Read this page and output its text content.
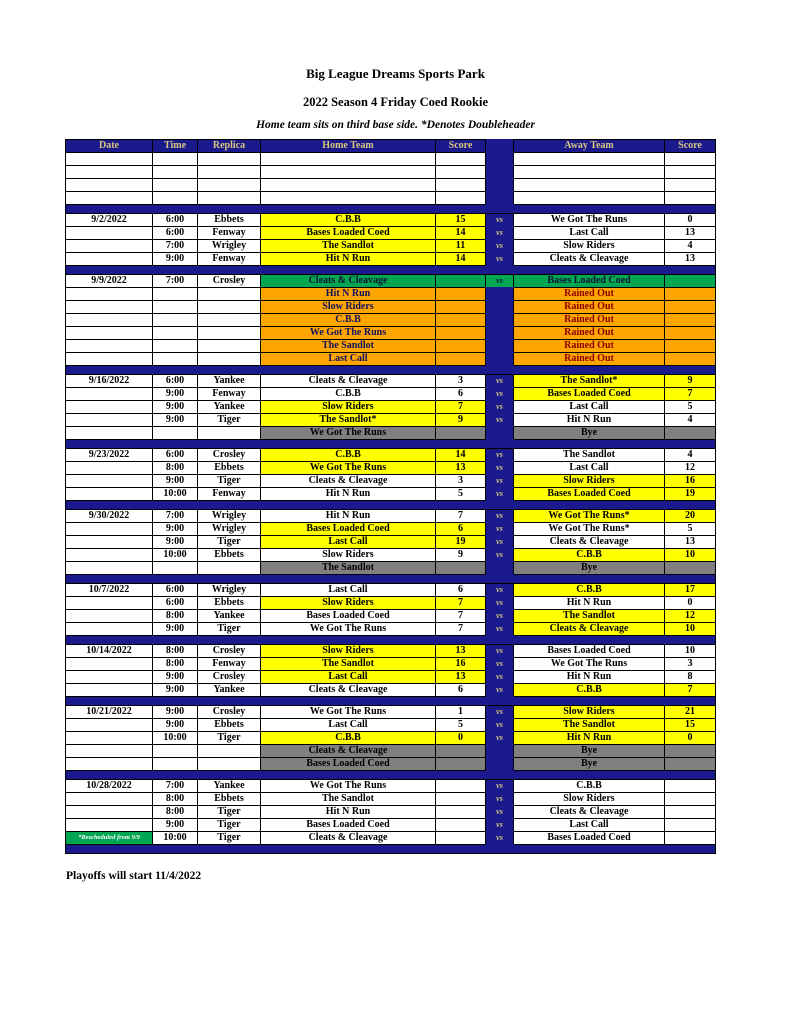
Big League Dreams Sports Park
2022 Season 4 Friday Coed Rookie
Home team sits on third base side. *Denotes Doubleheader
Date	Time	Replica	Home Team	Score		Away Team	Score

9/2/2022	6:00	Ebbets	C.B.B	15	vs	We Got The Runs	0
	6:00	Fenway	Bases Loaded Coed	14	vs	Last Call	13
	7:00	Wrigley	The Sandlot	11	vs	Slow Riders	4
	9:00	Fenway	Hit N Run	14	vs	Cleats & Cleavage	13

9/9/2022	7:00	Crosley	Cleats & Cleavage		vs	Bases Loaded Coed	
			Hit N Run			Rained Out	
			Slow Riders			Rained Out	
			C.B.B			Rained Out	
			We Got The Runs			Rained Out	
			The Sandlot			Rained Out	
			Last Call			Rained Out	

9/16/2022	6:00	Yankee	Cleats & Cleavage	3	vs	The Sandlot*	9
	9:00	Fenway	C.B.B	6	vs	Bases Loaded Coed	7
	9:00	Yankee	Slow Riders	7	vs	Last Call	5
	9:00	Tiger	The Sandlot*	9	vs	Hit N Run	4
			We Got The Runs			Bye	

9/23/2022	6:00	Crosley	C.B.B	14	vs	The Sandlot	4
	8:00	Ebbets	We Got The Runs	13	vs	Last Call	12
	9:00	Tiger	Cleats & Cleavage	3	vs	Slow Riders	16
	10:00	Fenway	Hit N Run	5	vs	Bases Loaded Coed	19

9/30/2022	7:00	Wrigley	Hit N Run	7	vs	We Got The Runs*	20
	9:00	Wrigley	Bases Loaded Coed	6	vs	We Got The Runs*	5
	9:00	Tiger	Last Call	19	vs	Cleats & Cleavage	13
	10:00	Ebbets	Slow Riders	9	vs	C.B.B	10
			The Sandlot			Bye	

10/7/2022	6:00	Wrigley	Last Call	6	vs	C.B.B	17
	6:00	Ebbets	Slow Riders	7	vs	Hit N Run	0
	8:00	Yankee	Bases Loaded Coed	7	vs	The Sandlot	12
	9:00	Tiger	We Got The Runs	7	vs	Cleats & Cleavage	10

10/14/2022	8:00	Crosley	Slow Riders	13	vs	Bases Loaded Coed	10
	8:00	Fenway	The Sandlot	16	vs	We Got The Runs	3
	9:00	Crosley	Last Call	13	vs	Hit N Run	8
	9:00	Yankee	Cleats & Cleavage	6	vs	C.B.B	7

10/21/2022	9:00	Crosley	We Got The Runs	1	vs	Slow Riders	21
	9:00	Ebbets	Last Call	5	vs	The Sandlot	15
	10:00	Tiger	C.B.B	0	vs	Hit N Run	0
			Cleats & Cleavage			Bye	
			Bases Loaded Coed			Bye	

10/28/2022	7:00	Yankee	We Got The Runs		vs	C.B.B	
	8:00	Ebbets	The Sandlot		vs	Slow Riders	
	8:00	Tiger	Hit N Run		vs	Cleats & Cleavage	
	9:00	Tiger	Bases Loaded Coed		vs	Last Call	
*Rescheduled from 9/9	10:00	Tiger	Cleats & Cleavage		vs	Bases Loaded Coed	

Playoffs will start 11/4/2022
